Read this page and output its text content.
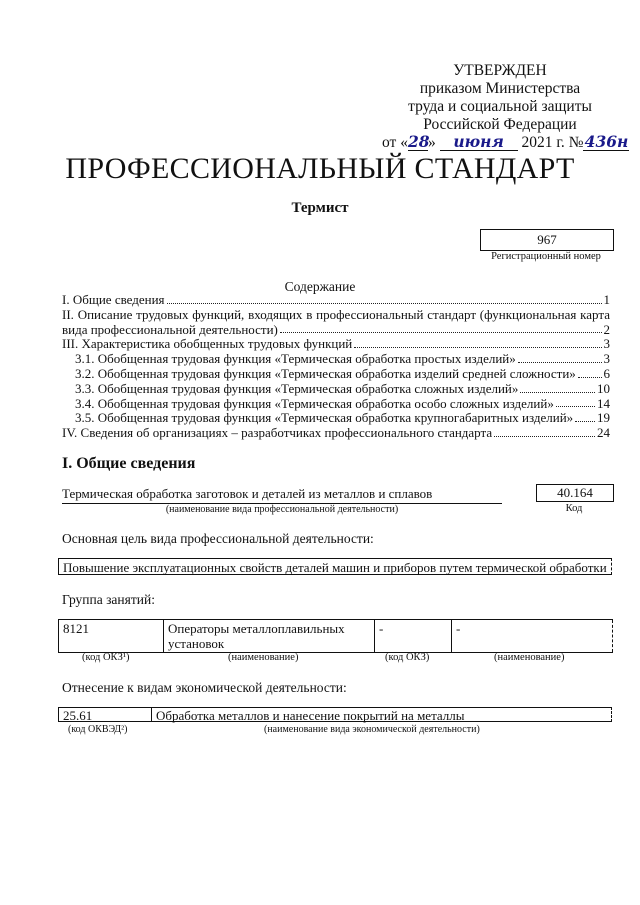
УТВЕРЖДЕН
приказом Министерства
труда и социальной защиты
Российской Федерации
от «28» июня 2021 г. №436н
ПРОФЕССИОНАЛЬНЫЙ СТАНДАРТ
Термист
967
Регистрационный номер
Содержание
I. Общие сведения	1
II. Описание трудовых функций, входящих в профессиональный стандарт (функциональная карта
вида профессиональной деятельности)	2
III. Характеристика обобщенных трудовых функций	3
3.1. Обобщенная трудовая функция «Термическая обработка простых изделий»	3
3.2. Обобщенная трудовая функция «Термическая обработка изделий средней сложности» 6
3.3. Обобщенная трудовая функция «Термическая обработка сложных изделий»	10
3.4. Обобщенная трудовая функция «Термическая обработка особо сложных изделий»	14
3.5. Обобщенная трудовая функция «Термическая обработка крупногабаритных изделий» 19
IV. Сведения об организациях – разработчиках профессионального стандарта	24
I. Общие сведения
Термическая обработка заготовок и деталей из металлов и сплавов
(наименование вида профессиональной деятельности)
40.164
Код
Основная цель вида профессиональной деятельности:
Повышение эксплуатационных свойств деталей машин и приборов путем термической обработки
Группа занятий:
8121	Операторы металлоплавильных установок	-	-
(код ОКЗ¹)	(наименование)	(код ОКЗ)	(наименование)
Отнесение к видам экономической деятельности:
25.61	Обработка металлов и нанесение покрытий на металлы
(код ОКВЭД²)	(наименование вида экономической деятельности)
